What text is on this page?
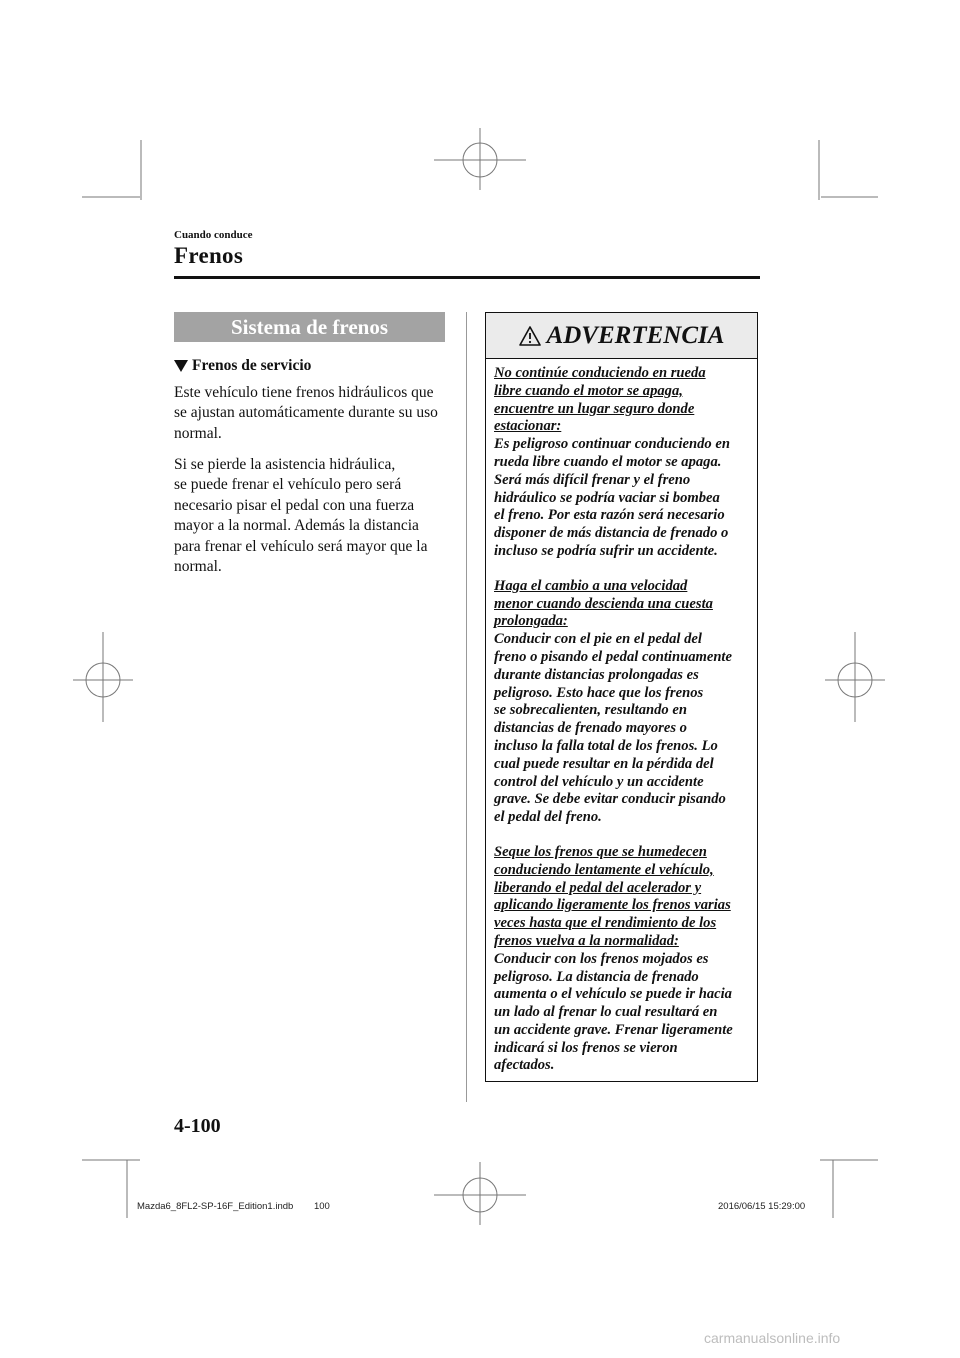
Cuando conduce
Frenos
Sistema de frenos
Frenos de servicio
Este vehículo tiene frenos hidráulicos que
se ajustan automáticamente durante su uso
normal.
Si se pierde la asistencia hidráulica,
se puede frenar el vehículo pero será
necesario pisar el pedal con una fuerza
mayor a la normal. Además la distancia
para frenar el vehículo será mayor que la
normal.
ADVERTENCIA
No continúe conduciendo en rueda
libre cuando el motor se apaga,
encuentre un lugar seguro donde
estacionar:
Es peligroso continuar conduciendo en
rueda libre cuando el motor se apaga.
Será más difícil frenar y el freno
hidráulico se podría vaciar si bombea
el freno. Por esta razón será necesario
disponer de más distancia de frenado o
incluso se podría sufrir un accidente.
Haga el cambio a una velocidad
menor cuando descienda una cuesta
prolongada:
Conducir con el pie en el pedal del
freno o pisando el pedal continuamente
durante distancias prolongadas es
peligroso. Esto hace que los frenos
se sobrecalienten, resultando en
distancias de frenado mayores o
incluso la falla total de los frenos. Lo
cual puede resultar en la pérdida del
control del vehículo y un accidente
grave. Se debe evitar conducir pisando
el pedal del freno.
Seque los frenos que se humedecen
conduciendo lentamente el vehículo,
liberando el pedal del acelerador y
aplicando ligeramente los frenos varias
veces hasta que el rendimiento de los
frenos vuelva a la normalidad:
Conducir con los frenos mojados es
peligroso. La distancia de frenado
aumenta o el vehículo se puede ir hacia
un lado al frenar lo cual resultará en
un accidente grave. Frenar ligeramente
indicará si los frenos se vieron
afectados.
4-100
Mazda6_8FL2-SP-16F_Edition1.indb 100	2016/06/15 15:29:00
carmanualsonline.info
